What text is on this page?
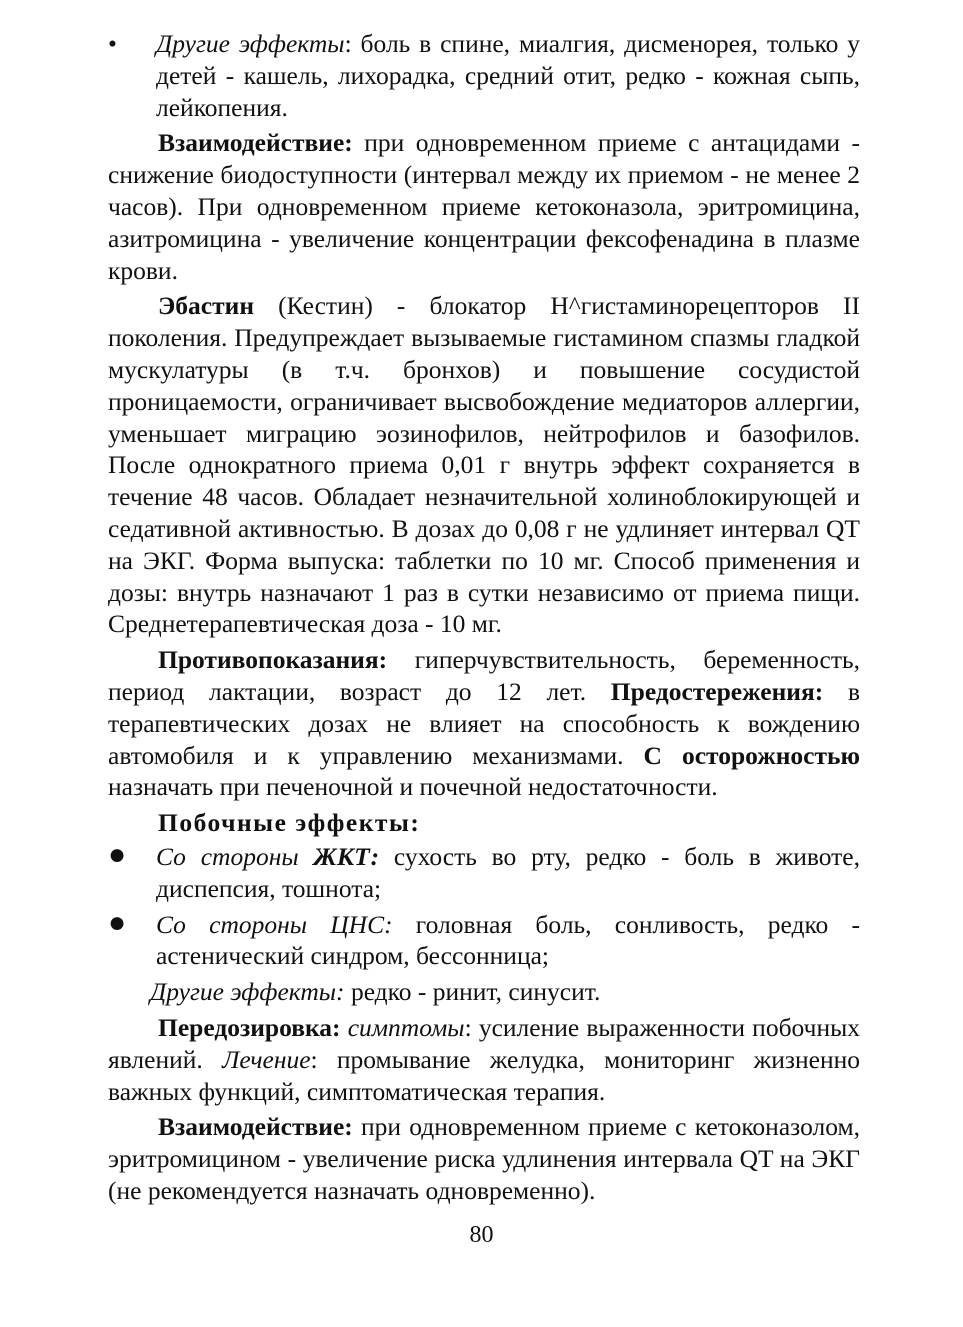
•	Другие эффекты: боль в спине, миалгия, дисменорея, только у детей - кашель, лихорадка, средний отит, редко - кожная сыпь, лейкопения.

Взаимодействие: при одновременном приеме с антацидами - снижение биодоступности (интервал между их приемом - не менее 2 часов). При одновременном приеме кетоконазола, эритромицина, азитромицина - увеличение концентрации фексофенадина в плазме крови.

Эбастин (Кестин) - блокатор Н^гистаминорецепторов II поколения. Предупреждает вызываемые гистамином спазмы гладкой мускулатуры (в т.ч. бронхов) и повышение сосудистой проницаемости, ограничивает высвобождение медиаторов аллергии, уменьшает миграцию эозинофилов, нейтрофилов и базофилов. После однократного приема 0,01 г внутрь эффект сохраняется в течение 48 часов. Обладает незначительной холиноблокирующей и седативной активностью. В дозах до 0,08 г не удлиняет интервал QT на ЭКГ. Форма выпуска: таблетки по 10 мг. Способ применения и дозы: внутрь назначают 1 раз в сутки независимо от приема пищи. Среднетерапевтическая доза - 10 мг.

Противопоказания: гиперчувствительность, беременность, период лактации, возраст до 12 лет. Предостережения: в терапевтических дозах не влияет на способность к вождению автомобиля и к управлению механизмами. С осторожностью назначать при печеночной и почечной недостаточности.

Побочные эффекты:
● Со стороны ЖКТ: сухость во рту, редко - боль в животе, диспепсия, тошнота;
● Со стороны ЦНС: головная боль, сонливость, редко - астенический синдром, бессонница;
Другие эффекты: редко - ринит, синусит.

Передозировка: симптомы: усиление выраженности побочных явлений. Лечение: промывание желудка, мониторинг жизненно важных функций, симптоматическая терапия.

Взаимодействие: при одновременном приеме с кетоконазолом, эритромицином - увеличение риска удлинения интервала QT на ЭКГ (не рекомендуется назначать одновременно).

80
